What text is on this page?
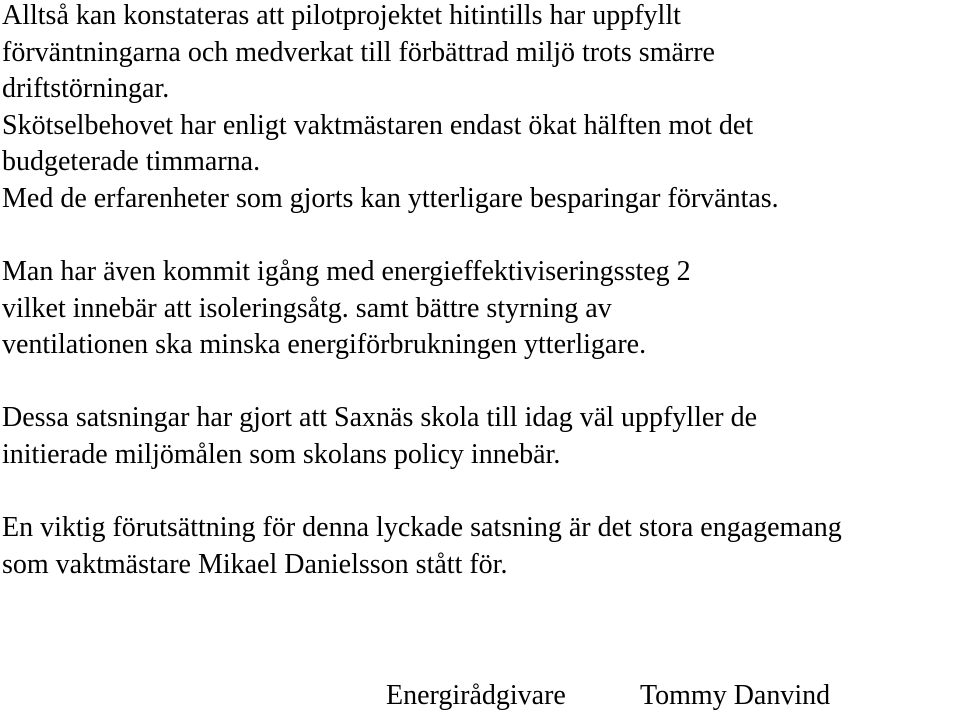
Alltså kan konstateras att pilotprojektet hitintills har uppfyllt
förväntningarna och medverkat till förbättrad miljö trots smärre
driftstörningar.
Skötselbehovet har enligt vaktmästaren endast ökat hälften mot det
budgeterade timmarna.
Med de erfarenheter som gjorts kan ytterligare besparingar förväntas.
Man har även kommit igång med energieffektiviseringssteg 2
vilket innebär att isoleringsåtg. samt bättre styrning av
ventilationen ska minska energiförbrukningen ytterligare.
Dessa satsningar har gjort att Saxnäs skola till idag väl uppfyller de
initierade miljömålen som skolans policy innebär.
En viktig förutsättning för denna lyckade satsning är det stora engagemang
som vaktmästare Mikael Danielsson stått för.
Energirådgivare	Tommy Danvind
